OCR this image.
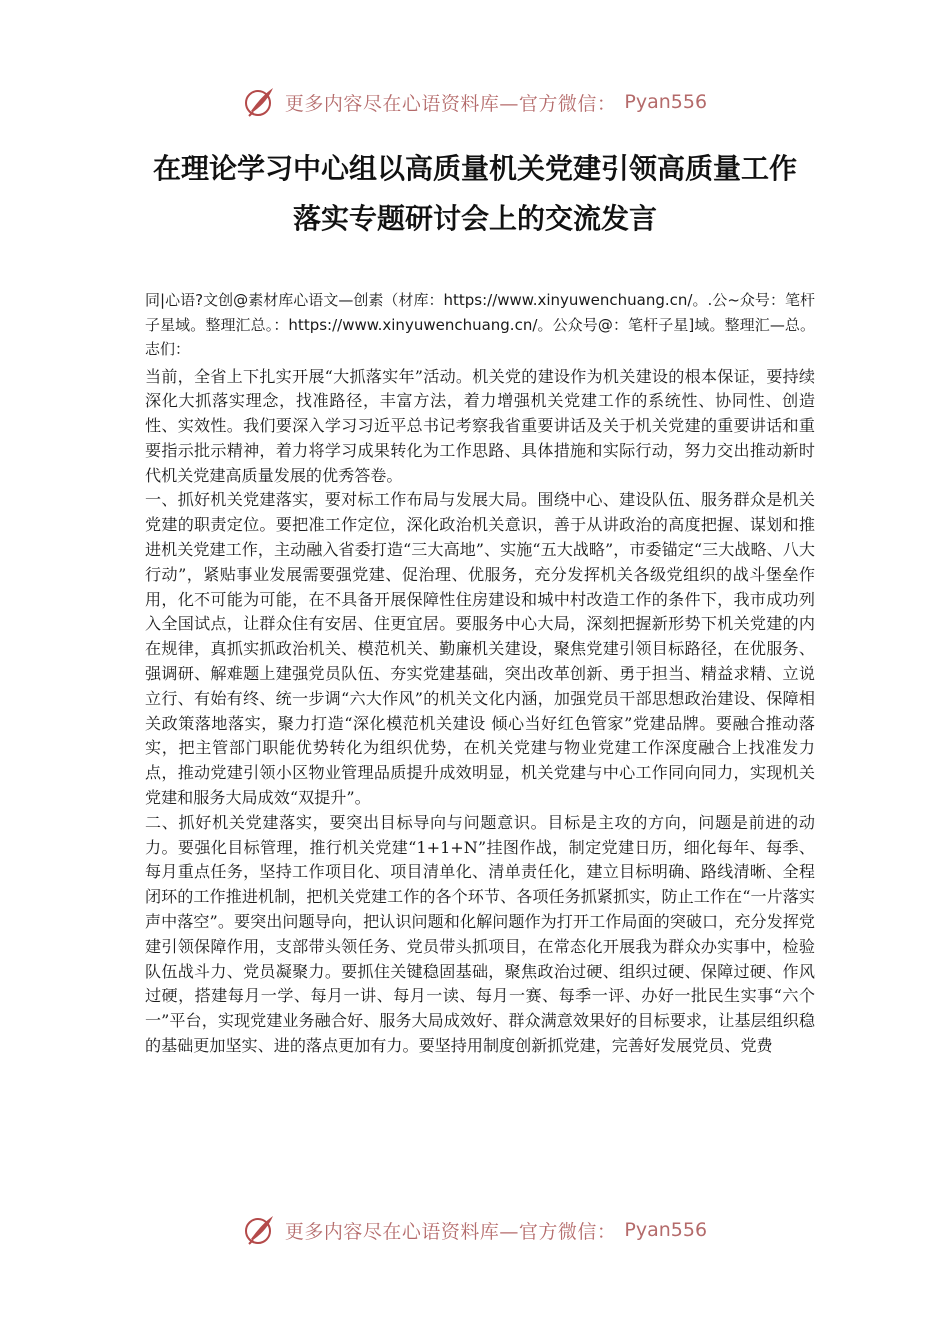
更多内容尽在心语资料库—官方微信： Pyan556
在理论学习中心组以高质量机关党建引领高质量工作
落实专题研讨会上的交流发言

同|心语?文创@素材库心语文—创素（材库：https://www.xinyuwenchuang.cn/。.公~众号：笔杆子星域。整理汇总。：https://www.xinyuwenchuang.cn/。公众号@：笔杆子星]域。整理汇—总。志们：

当前，全省上下扎实开展“大抓落实年”活动。机关党的建设作为机关建设的根本保证，要持续深化大抓落实理念，找准路径，丰富方法，着力增强机关党建工作的系统性、协同性、创造性、实效性。我们要深入学习习近平总书记考察我省重要讲话及关于机关党建的重要讲话和重要指示批示精神，着力将学习成果转化为工作思路、具体措施和实际行动，努力交出推动新时代机关党建高质量发展的优秀答卷。

一、抓好机关党建落实，要对标工作布局与发展大局。围绕中心、建设队伍、服务群众是机关党建的职责定位。要把准工作定位，深化政治机关意识，善于从讲政治的高度把握、谋划和推进机关党建工作，主动融入省委打造“三大高地”、实施“五大战略”，市委锚定“三大战略、八大行动”，紧贴事业发展需要强党建、促治理、优服务，充分发挥机关各级党组织的战斗堡垒作用，化不可能为可能，在不具备开展保障性住房建设和城中村改造工作的条件下，我市成功列入全国试点，让群众住有安居、住更宜居。要服务中心大局，深刻把握新形势下机关党建的内在规律，真抓实抓政治机关、模范机关、勤廉机关建设，聚焦党建引领目标路径，在优服务、强调研、解难题上建强党员队伍、夯实党建基础，突出改革创新、勇于担当、精益求精、立说立行、有始有终、统一步调“六大作风”的机关文化内涵，加强党员干部思想政治建设、保障相关政策落地落实，聚力打造“深化模范机关建设 倾心当好红色管家”党建品牌。要融合推动落实，把主管部门职能优势转化为组织优势，在机关党建与物业党建工作深度融合上找准发力点，推动党建引领小区物业管理品质提升成效明显，机关党建与中心工作同向同力，实现机关党建和服务大局成效“双提升”。

二、抓好机关党建落实，要突出目标导向与问题意识。目标是主攻的方向，问题是前进的动力。要强化目标管理，推行机关党建“1+1+N”挂图作战，制定党建日历，细化每年、每季、每月重点任务，坚持工作项目化、项目清单化、清单责任化，建立目标明确、路线清晰、全程闭环的工作推进机制，把机关党建工作的各个环节、各项任务抓紧抓实，防止工作在“一片落实声中落空”。要突出问题导向，把认识问题和化解问题作为打开工作局面的突破口，充分发挥党建引领保障作用，支部带头领任务、党员带头抓项目，在常态化开展我为群众办实事中，检验队伍战斗力、党员凝聚力。要抓住关键稳固基础，聚焦政治过硬、组织过硬、保障过硬、作风过硬，搭建每月一学、每月一讲、每月一读、每月一赛、每季一评、办好一批民生实事“六个一”平台，实现党建业务融合好、服务大局成效好、群众满意效果好的目标要求，让基层组织稳的基础更加坚实、进的落点更加有力。要坚持用制度创新抓党建，完善好发展党员、党费

更多内容尽在心语资料库—官方微信： Pyan556
